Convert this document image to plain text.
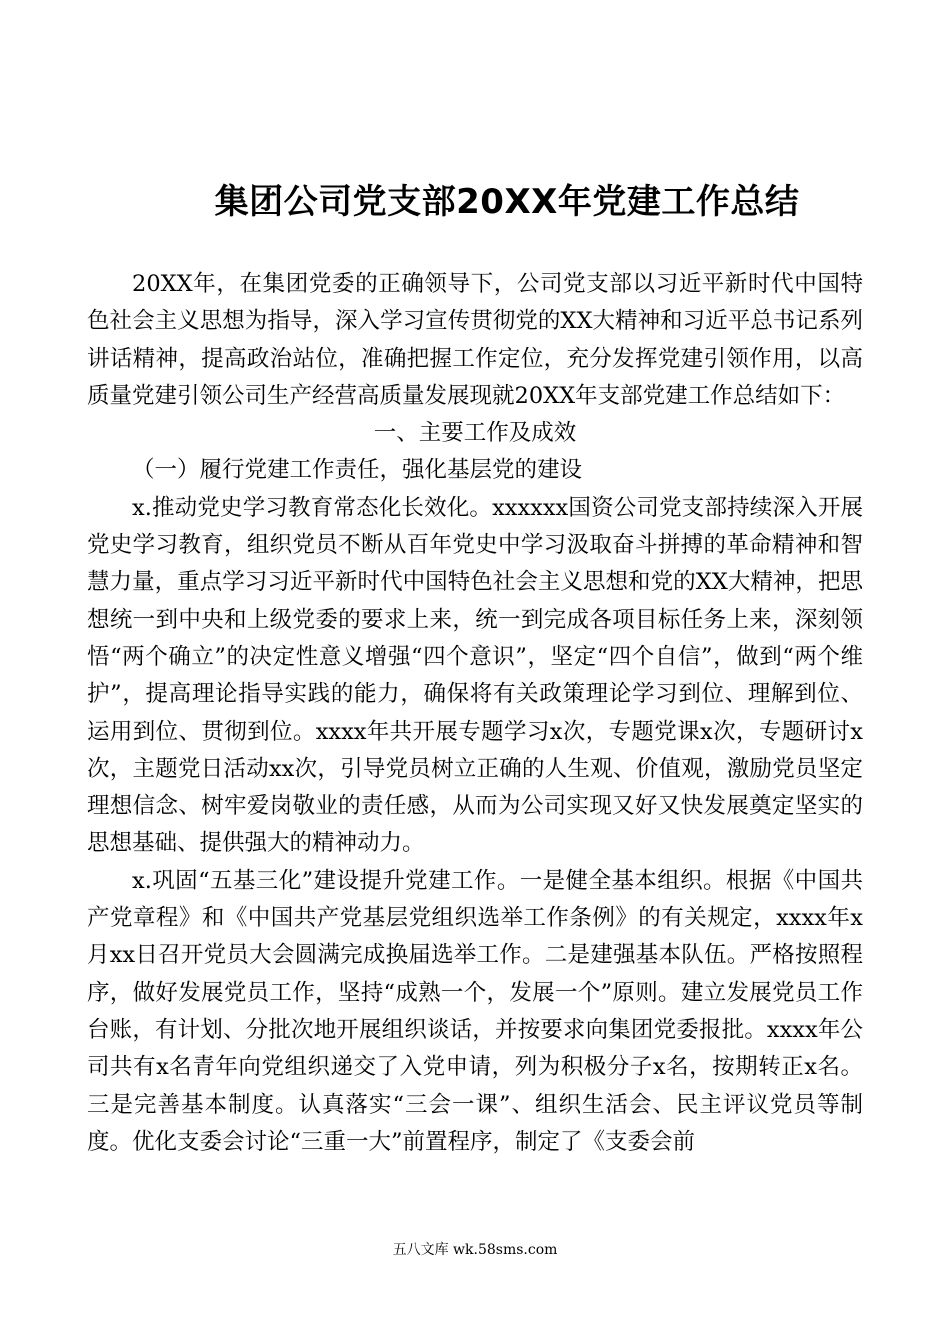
集团公司党支部20XX年党建工作总结

20XX年，在集团党委的正确领导下，公司党支部以习近平新时代中国特色社会主义思想为指导，深入学习宣传贯彻党的XX大精神和习近平总书记系列讲话精神，提高政治站位，准确把握工作定位，充分发挥党建引领作用，以高质量党建引领公司生产经营高质量发展现就20XX年支部党建工作总结如下：

一、主要工作及成效

（一）履行党建工作责任，强化基层党的建设

x.推动党史学习教育常态化长效化。xxxxxx国资公司党支部持续深入开展党史学习教育，组织党员不断从百年党史中学习汲取奋斗拼搏的革命精神和智慧力量，重点学习习近平新时代中国特色社会主义思想和党的XX大精神，把思想统一到中央和上级党委的要求上来，统一到完成各项目标任务上来，深刻领悟“两个确立”的决定性意义增强“四个意识”，坚定“四个自信”，做到“两个维护”，提高理论指导实践的能力，确保将有关政策理论学习到位、理解到位、运用到位、贯彻到位。xxxx年共开展专题学习x次，专题党课x次，专题研讨x次，主题党日活动xx次，引导党员树立正确的人生观、价值观，激励党员坚定理想信念、树牢爱岗敬业的责任感，从而为公司实现又好又快发展奠定坚实的思想基础、提供强大的精神动力。

x.巩固“五基三化”建设提升党建工作。一是健全基本组织。根据《中国共产党章程》和《中国共产党基层党组织选举工作条例》的有关规定，xxxx年x月xx日召开党员大会圆满完成换届选举工作。二是建强基本队伍。严格按照程序，做好发展党员工作，坚持“成熟一个，发展一个”原则。建立发展党员工作台账，有计划、分批次地开展组织谈话，并按要求向集团党委报批。xxxx年公司共有x名青年向党组织递交了入党申请，列为积极分子x名，按期转正x名。三是完善基本制度。认真落实“三会一课”、组织生活会、民主评议党员等制度。优化支委会讨论“三重一大”前置程序，制定了《支委会前

五八文库 wk.58sms.com
